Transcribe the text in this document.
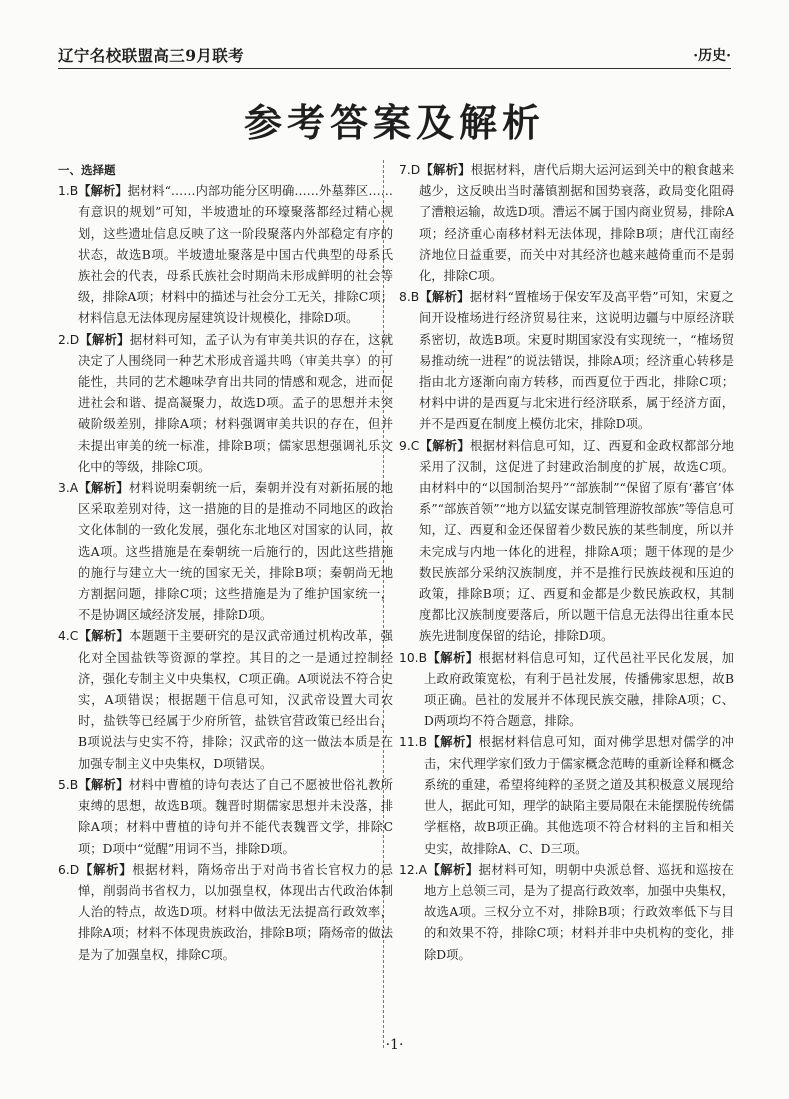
辽宁名校联盟高三9月联考	·历史·
参考答案及解析
一、选择题

1.B【解析】据材料“……内部功能分区明确……外墓葬区……有意识的规划”可知，半坡遗址的环壕聚落都经过精心规划，这些遗址信息反映了这一阶段聚落内外部稳定有序的状态，故选B项。半坡遗址聚落是中国古代典型的母系氏族社会的代表，母系氏族社会时期尚未形成鲜明的社会等级，排除A项；材料中的描述与社会分工无关，排除C项；材料信息无法体现房屋建筑设计规模化，排除D项。

2.D【解析】据材料可知，孟子认为有审美共识的存在，这就决定了人围绕同一种艺术形成音遥共鸣（审美共享）的可能性，共同的艺术趣味孕育出共同的情感和观念，进而促进社会和谐、提高凝聚力，故选D项。孟子的思想并未突破阶级差别，排除A项；材料强调审美共识的存在，但并未提出审美的统一标准，排除B项；儒家思想强调礼乐文化中的等级，排除C项。

3.A【解析】材料说明秦朝统一后，秦朝并没有对新拓展的地区采取差别对待，这一措施的目的是推动不同地区的政治文化体制的一致化发展，强化东北地区对国家的认同，故选A项。这些措施是在秦朝统一后施行的，因此这些措施的施行与建立大一统的国家无关，排除B项；秦朝尚无地方割据问题，排除C项；这些措施是为了维护国家统一，不是协调区域经济发展，排除D项。

4.C【解析】本题题干主要研究的是汉武帝通过机构改革，强化对全国盐铁等资源的掌控。其目的之一是通过控制经济，强化专制主义中央集权，C项正确。A项说法不符合史实，A项错误；根据题干信息可知，汉武帝设置大司农时，盐铁等已经属于少府所管，盐铁官营政策已经出台，B项说法与史实不符，排除；汉武帝的这一做法本质是在加强专制主义中央集权，D项错误。

5.B【解析】材料中曹植的诗句表达了自己不愿被世俗礼教所束缚的思想，故选B项。魏晋时期儒家思想并未没落，排除A项；材料中曹植的诗句并不能代表魏晋文学，排除C项；D项中“觉醒”用词不当，排除D项。

6.D【解析】根据材料，隋炀帝出于对尚书省长官权力的忌惮，削弱尚书省权力，以加强皇权，体现出古代政治体制人治的特点，故选D项。材料中做法无法提高行政效率，排除A项；材料不体现贵族政治，排除B项；隋炀帝的做法是为了加强皇权，排除C项。

7.D【解析】根据材料，唐代后期大运河运到关中的粮食越来越少，这反映出当时藩镇割据和国势衰落，政局变化阻碍了漕粮运输，故选D项。漕运不属于国内商业贸易，排除A项；经济重心南移材料无法体现，排除B项；唐代江南经济地位日益重要，而关中对其经济也越来越倚重而不是弱化，排除C项。

8.B【解析】据材料“置榷场于保安军及高平砦”可知，宋夏之间开设榷场进行经济贸易往来，这说明边疆与中原经济联系密切，故选B项。宋夏时期国家没有实现统一，“榷场贸易推动统一进程”的说法错误，排除A项；经济重心转移是指由北方逐渐向南方转移，而西夏位于西北，排除C项；材料中讲的是西夏与北宋进行经济联系，属于经济方面，并不是西夏在制度上模仿北宋，排除D项。

9.C【解析】根据材料信息可知，辽、西夏和金政权都部分地采用了汉制，这促进了封建政治制度的扩展，故选C项。由材料中的“以国制治契丹”“部族制”“保留了原有‘蕃官’体系”“部族首领”“地方以猛安谋克制管理游牧部族”等信息可知，辽、西夏和金还保留着少数民族的某些制度，所以并未完成与内地一体化的进程，排除A项；题干体现的是少数民族部分采纳汉族制度，并不是推行民族歧视和压迫的政策，排除B项；辽、西夏和金都是少数民族政权，其制度都比汉族制度要落后，所以题干信息无法得出往重本民族先进制度保留的结论，排除D项。

10.B【解析】根据材料信息可知，辽代邑社平民化发展，加上政府政策宽松，有利于邑社发展，传播佛家思想，故B项正确。邑社的发展并不体现民族交融，排除A项；C、D两项均不符合题意，排除。

11.B【解析】根据材料信息可知，面对佛学思想对儒学的冲击，宋代理学家们致力于儒家概念范畴的重新诠释和概念系统的重建，希望将纯粹的圣贤之道及其积极意义展现给世人，据此可知，理学的缺陷主要局限在未能摆脱传统儒学框格，故B项正确。其他选项不符合材料的主旨和相关史实，故排除A、C、D三项。

12.A【解析】据材料可知，明朝中央派总督、巡抚和巡按在地方上总领三司，是为了提高行政效率，加强中央集权，故选A项。三权分立不对，排除B项；行政效率低下与目的和效果不符，排除C项；材料并非中央机构的变化，排除D项。

·1·
